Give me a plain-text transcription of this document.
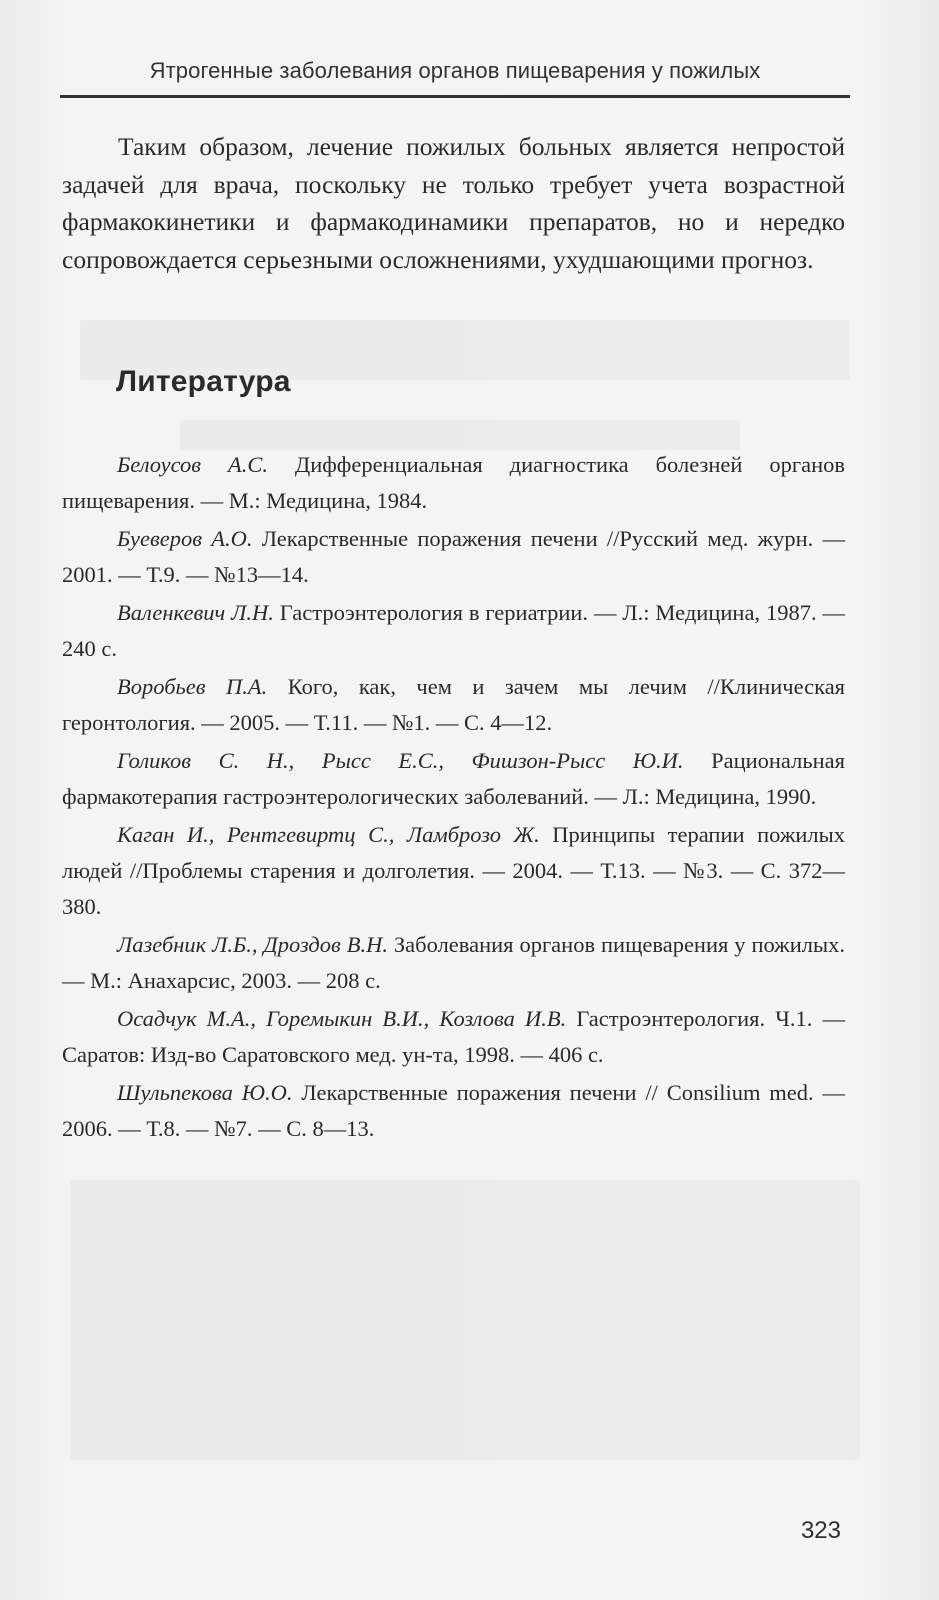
Ятрогенные заболевания органов пищеварения у пожилых

Таким образом, лечение пожилых больных является непростой задачей для врача, поскольку не только требует учета возрастной фармакокинетики и фармакодинамики препаратов, но и нередко сопровождается серьезными осложнениями, ухудшающими прогноз.

Литература
Белоусов А.С. Дифференциальная диагностика болезней органов пищеварения. — М.: Медицина, 1984.
Буеверов А.О. Лекарственные поражения печени //Русский мед. журн. — 2001. — Т.9. — №13—14.
Валенкевич Л.Н. Гастроэнтерология в гериатрии. — Л.: Медицина, 1987. — 240 с.
Воробьев П.А. Кого, как, чем и зачем мы лечим //Клиническая геронтология. — 2005. — Т.11. — №1. — С. 4—12.
Голиков С. Н., Рысс Е.С., Фишзон-Рысс Ю.И. Рациональная фармакотерапия гастроэнтерологических заболеваний. — Л.: Медицина, 1990.
Каган И., Рентгевиртц С., Ламброзо Ж. Принципы терапии пожилых людей //Проблемы старения и долголетия. — 2004. — Т.13. — №3. — С. 372—380.
Лазебник Л.Б., Дроздов В.Н. Заболевания органов пищеварения у пожилых. — М.: Анахарсис, 2003. — 208 с.
Осадчук М.А., Горемыкин В.И., Козлова И.В. Гастроэнтерология. Ч.1. — Саратов: Изд-во Саратовского мед. ун-та, 1998. — 406 с.
Шульпекова Ю.О. Лекарственные поражения печени // Consilium med. — 2006. — Т.8. — №7. — С. 8—13.
323
